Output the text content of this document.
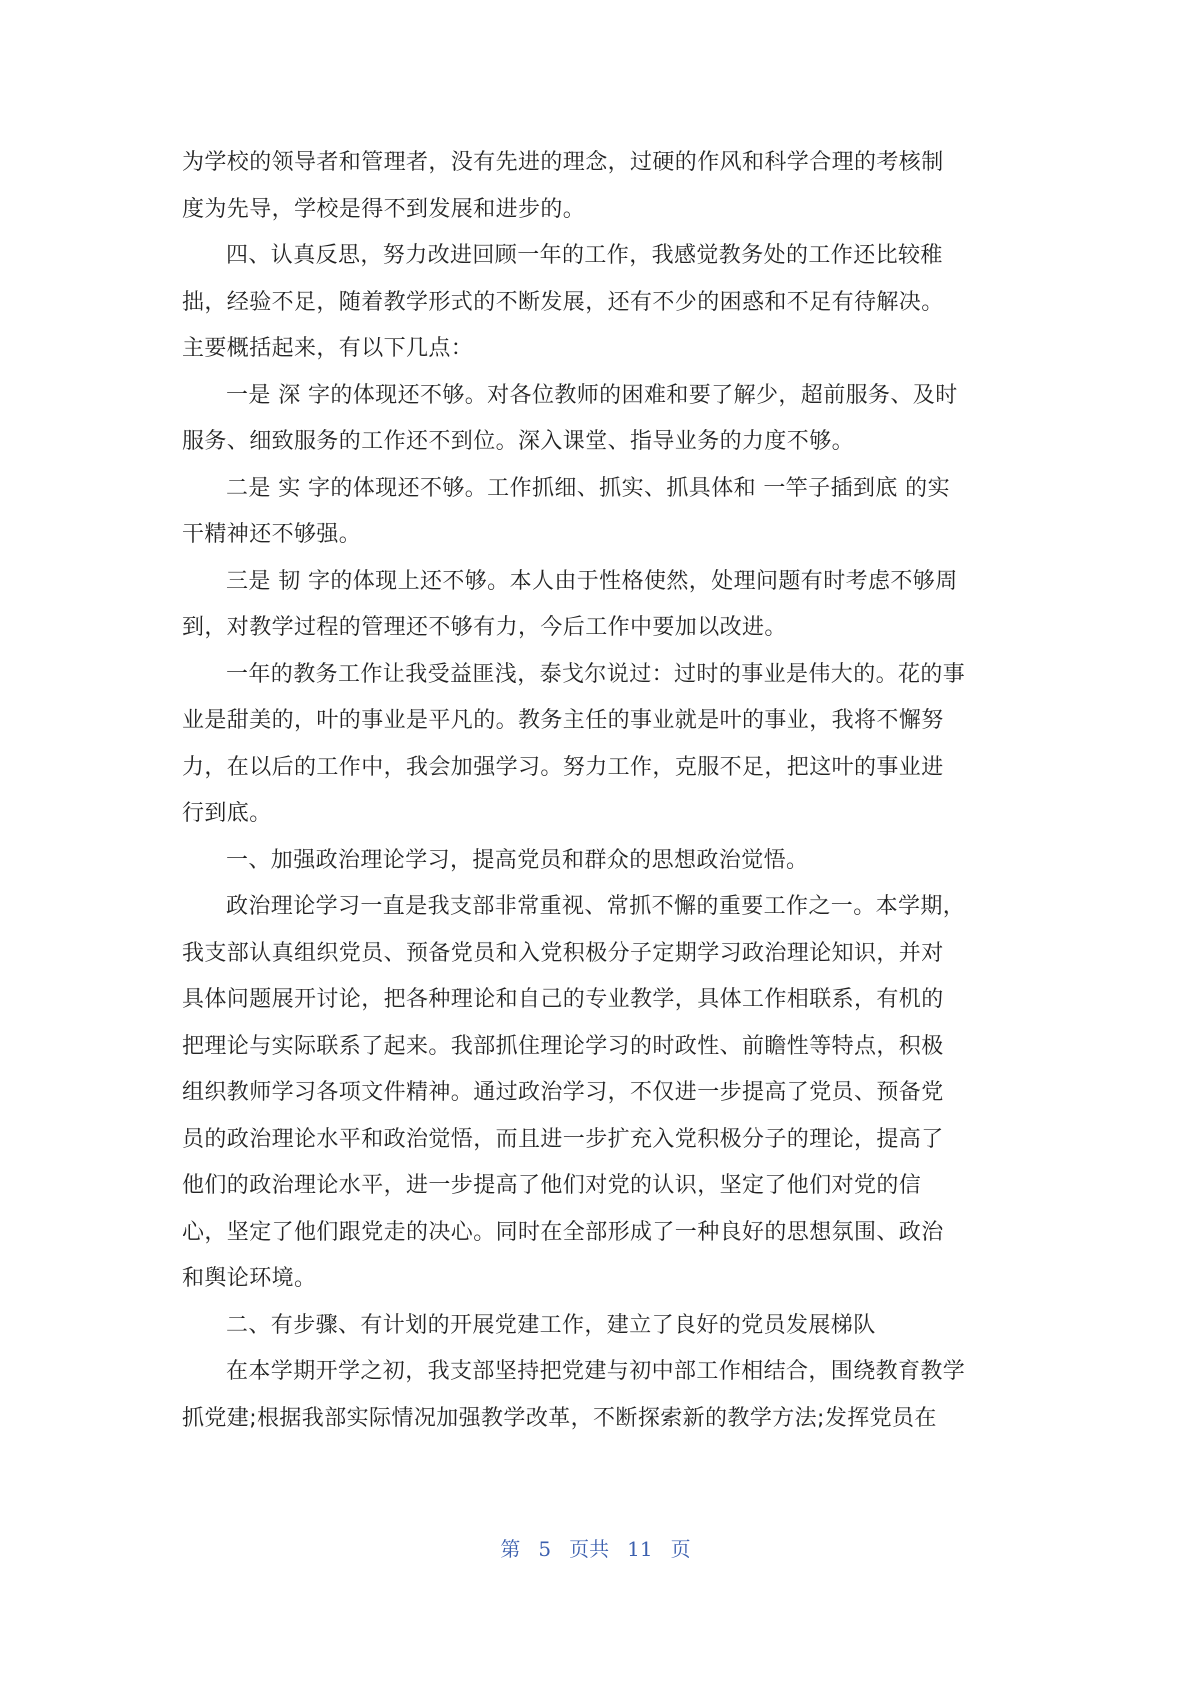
为学校的领导者和管理者，没有先进的理念，过硬的作风和科学合理的考核制
度为先导，学校是得不到发展和进步的。
四、认真反思，努力改进回顾一年的工作，我感觉教务处的工作还比较稚
拙，经验不足，随着教学形式的不断发展，还有不少的困惑和不足有待解决。
主要概括起来，有以下几点：
一是 深 字的体现还不够。对各位教师的困难和要了解少，超前服务、及时
服务、细致服务的工作还不到位。深入课堂、指导业务的力度不够。
二是 实 字的体现还不够。工作抓细、抓实、抓具体和 一竿子插到底 的实
干精神还不够强。
三是 韧 字的体现上还不够。本人由于性格使然，处理问题有时考虑不够周
到，对教学过程的管理还不够有力，今后工作中要加以改进。
一年的教务工作让我受益匪浅，泰戈尔说过：过时的事业是伟大的。花的事
业是甜美的，叶的事业是平凡的。教务主任的事业就是叶的事业，我将不懈努
力，在以后的工作中，我会加强学习。努力工作，克服不足，把这叶的事业进
行到底。
一、加强政治理论学习，提高党员和群众的思想政治觉悟。
政治理论学习一直是我支部非常重视、常抓不懈的重要工作之一。本学期，
我支部认真组织党员、预备党员和入党积极分子定期学习政治理论知识，并对
具体问题展开讨论，把各种理论和自己的专业教学，具体工作相联系，有机的
把理论与实际联系了起来。我部抓住理论学习的时政性、前瞻性等特点，积极
组织教师学习各项文件精神。通过政治学习，不仅进一步提高了党员、预备党
员的政治理论水平和政治觉悟，而且进一步扩充入党积极分子的理论，提高了
他们的政治理论水平，进一步提高了他们对党的认识，坚定了他们对党的信
心，坚定了他们跟党走的决心。同时在全部形成了一种良好的思想氛围、政治
和舆论环境。
二、有步骤、有计划的开展党建工作，建立了良好的党员发展梯队
在本学期开学之初，我支部坚持把党建与初中部工作相结合，围绕教育教学
抓党建;根据我部实际情况加强教学改革，不断探索新的教学方法;发挥党员在
第 5 页共 11 页
